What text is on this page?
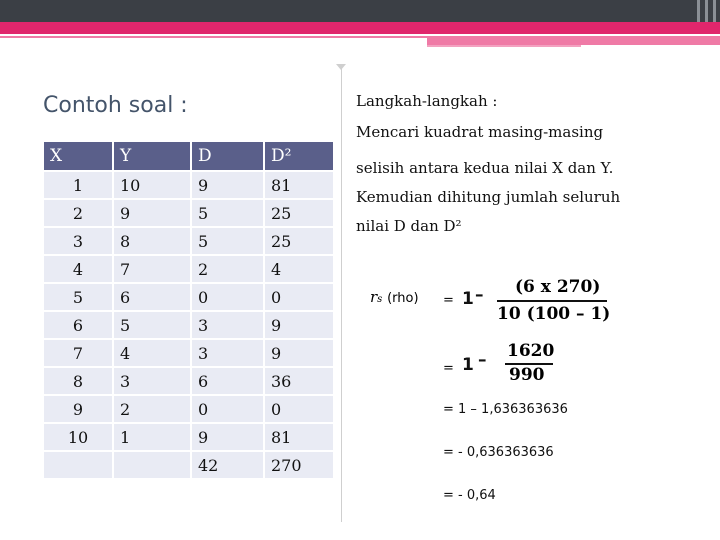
Contoh soal :
X	Y	D	D²
1	10	9	81
2	9	5	25
3	8	5	25
4	7	2	4
5	6	0	0
6	5	3	9
7	4	3	9
8	3	6	36
9	2	0	0
10	1	9	81
		42	270
Langkah-langkah :
Mencari kuadrat masing-masing
selisih antara kedua nilai X dan Y.
Kemudian dihitung jumlah seluruh
nilai D dan D²
rs (rho) = 1 – (6 x 270)
10 (100 – 1)
= 1 – 1620
990
= 1 – 1,636363636
= - 0,636363636
= - 0,64
